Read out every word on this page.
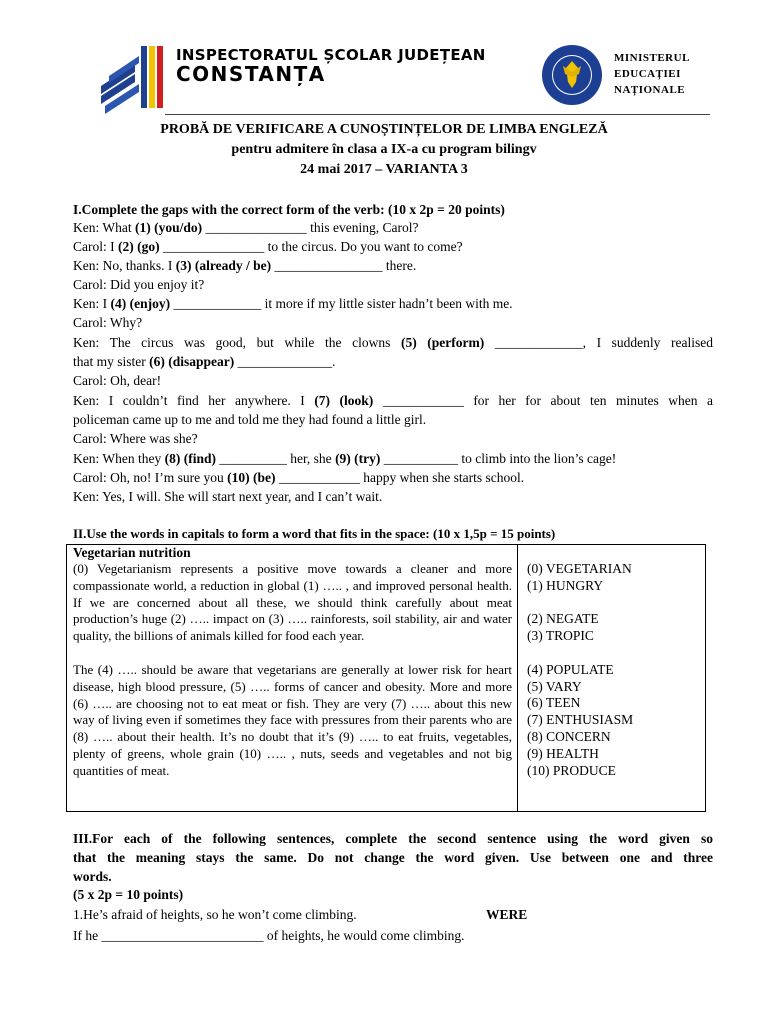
INSPECTORATUL ȘCOLAR JUDEȚEAN
CONSTANȚA
MINISTERUL
EDUCAȚIEI
NAȚIONALE
PROBĂ DE VERIFICARE A CUNOȘTINȚELOR DE LIMBA ENGLEZĂ
pentru admitere în clasa a IX-a cu program bilingv
24 mai 2017 – VARIANTA 3
I.Complete the gaps with the correct form of the verb: (10 x 2p = 20 points)
Ken: What (1) (you/do) _______________ this evening, Carol?
Carol: I (2) (go) _______________ to the circus. Do you want to come?
Ken: No, thanks. I (3) (already / be) ________________ there.
Carol: Did you enjoy it?
Ken: I (4) (enjoy) _____________ it more if my little sister hadn’t been with me.
Carol: Why?
Ken: The circus was good, but while the clowns (5) (perform) _____________, I suddenly realised
that my sister (6) (disappear) ______________.
Carol: Oh, dear!
Ken: I couldn’t find her anywhere. I (7) (look) ____________ for her for about ten minutes when a
policeman came up to me and told me they had found a little girl.
Carol: Where was she?
Ken: When they (8) (find) __________ her, she (9) (try) ___________ to climb into the lion’s cage!
Carol: Oh, no! I’m sure you (10) (be) ____________ happy when she starts school.
Ken: Yes, I will. She will start next year, and I can’t wait.
II.Use the words in capitals to form a word that fits in the space: (10 x 1,5p = 15 points)
Vegetarian nutrition
(0) Vegetarianism represents a positive move towards a cleaner and more compassionate world, a reduction in global (1) ….. , and improved personal health. If we are concerned about all these, we should think carefully about meat production’s huge (2) ….. impact on (3) ….. rainforests, soil stability, air and water quality, the billions of animals killed for food each year.
The (4) ….. should be aware that vegetarians are generally at lower risk for heart disease, high blood pressure, (5) ….. forms of cancer and obesity. More and more (6) ….. are choosing not to eat meat or fish. They are very (7) ….. about this new way of living even if sometimes they face with pressures from their parents who are (8) ….. about their health. It’s no doubt that it’s (9) ….. to eat fruits, vegetables, plenty of greens, whole grain (10) ….. , nuts, seeds and vegetables and not big quantities of meat.
(0) VEGETARIAN
(1) HUNGRY
(2) NEGATE
(3) TROPIC
(4) POPULATE
(5) VARY
(6) TEEN
(7) ENTHUSIASM
(8) CONCERN
(9) HEALTH
(10) PRODUCE
III.For each of the following sentences, complete the second sentence using the word given so
that the meaning stays the same. Do not change the word given. Use between one and three
words.
(5 x 2p = 10 points)
1.He’s afraid of heights, so he won’t come climbing.	WERE
If he ________________________ of heights, he would come climbing.
